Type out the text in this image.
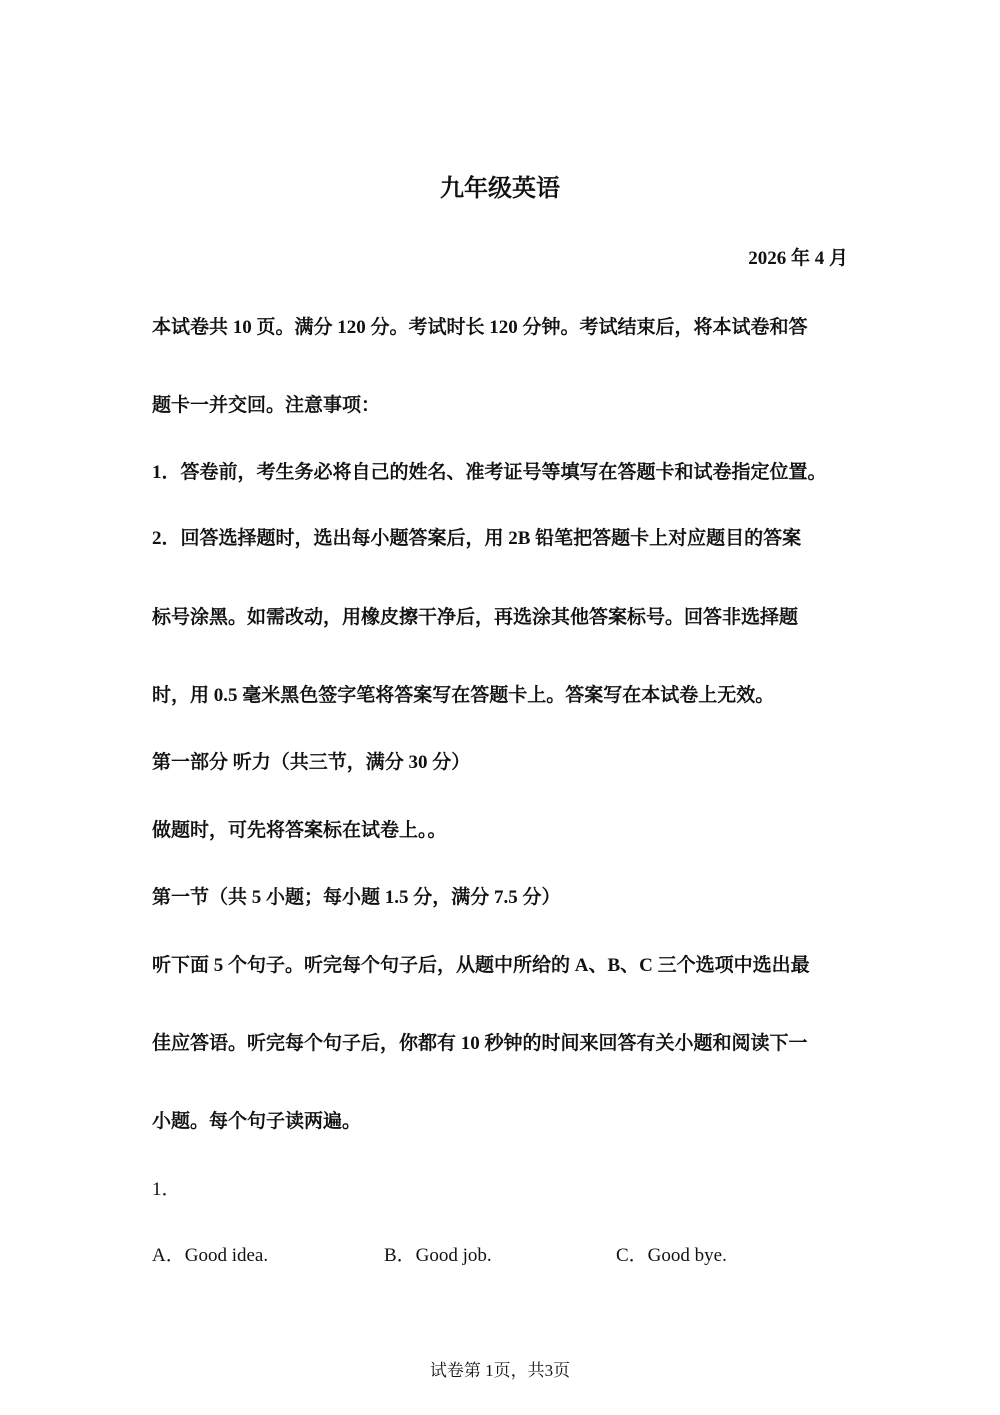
九年级英语
2026 年 4 月
本试卷共 10 页。满分 120 分。考试时长 120 分钟。考试结束后，将本试卷和答
题卡一并交回。注意事项：
1．答卷前，考生务必将自己的姓名、准考证号等填写在答题卡和试卷指定位置。
2．回答选择题时，选出每小题答案后，用 2B 铅笔把答题卡上对应题目的答案
标号涂黑。如需改动，用橡皮擦干净后，再选涂其他答案标号。回答非选择题
时，用 0.5 毫米黑色签字笔将答案写在答题卡上。答案写在本试卷上无效。
第一部分 听力（共三节，满分 30 分）
做题时，可先将答案标在试卷上。。
第一节（共 5 小题；每小题 1.5 分，满分 7.5 分）
听下面 5 个句子。听完每个句子后，从题中所给的 A、B、C 三个选项中选出最
佳应答语。听完每个句子后，你都有 10 秒钟的时间来回答有关小题和阅读下一
小题。每个句子读两遍。
1．
A．Good idea.	B．Good job.	C．Good bye.
试卷第 1页，共3页
